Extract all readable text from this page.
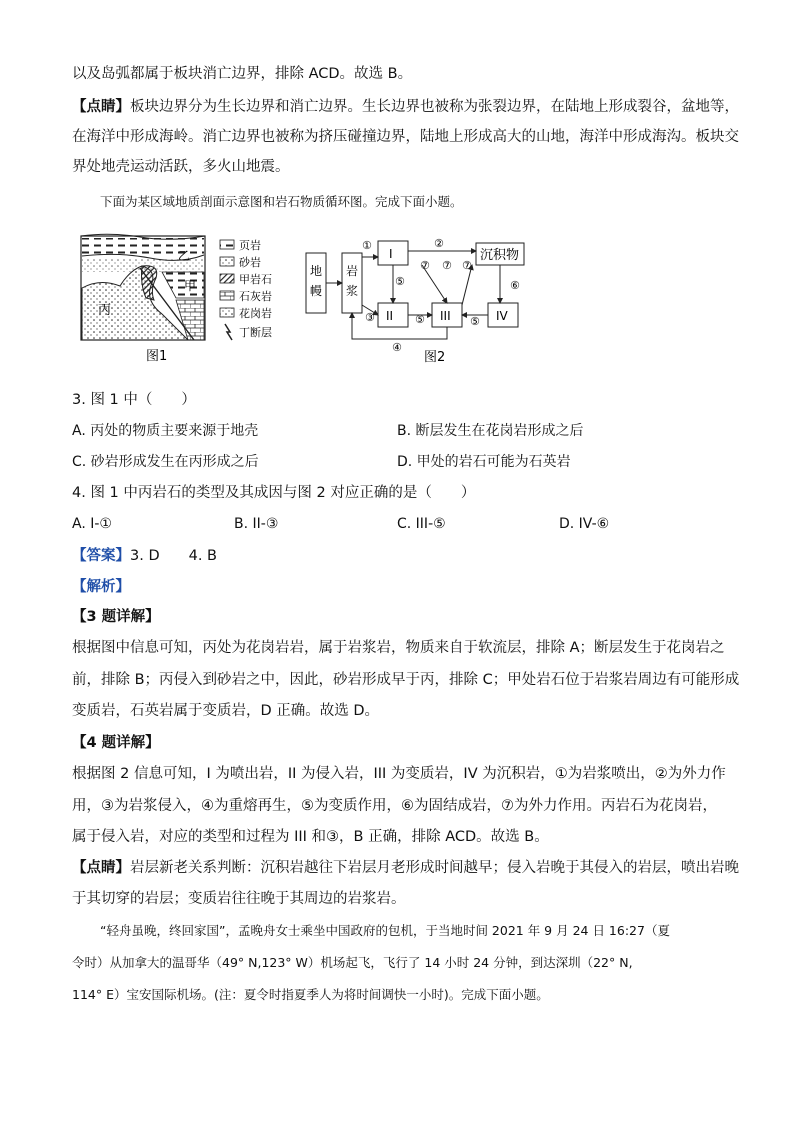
以及岛弧都属于板块消亡边界，排除 ACD。故选 B。
【点睛】板块边界分为生长边界和消亡边界。生长边界也被称为张裂边界，在陆地上形成裂谷，盆地等，
在海洋中形成海岭。消亡边界也被称为挤压碰撞边界，陆地上形成高大的山地，海洋中形成海沟。板块交
界处地壳运动活跃，多火山地震。
下面为某区域地质剖面示意图和岩石物质循环图。完成下面小题。
乙
甲
丙
页岩
砂岩
甲岩石
石灰岩
花岗岩
丁断层
图1
地
幔
岩
浆
I
II	III	IV
沉积物
①	②
③
④
⑤
⑤	⑤
⑥
⑦ ⑦ ⑦
图2
3. 图 1 中（　　）
A. 丙处的物质主要来源于地壳	B. 断层发生在花岗岩形成之后
C. 砂岩形成发生在丙形成之后	D. 甲处的岩石可能为石英岩
4. 图 1 中丙岩石的类型及其成因与图 2 对应正确的是（　　）
A. I-①	B. II-③	C. III-⑤	D. IV-⑥
【答案】3. D　　4. B
【解析】
【3 题详解】
根据图中信息可知，丙处为花岗岩岩，属于岩浆岩，物质来自于软流层，排除 A；断层发生于花岗岩之
前，排除 B；丙侵入到砂岩之中，因此，砂岩形成早于丙，排除 C；甲处岩石位于岩浆岩周边有可能形成
变质岩，石英岩属于变质岩，D 正确。故选 D。
【4 题详解】
根据图 2 信息可知，I 为喷出岩，II 为侵入岩，III 为变质岩，IV 为沉积岩，①为岩浆喷出，②为外力作
用，③为岩浆侵入，④为重熔再生，⑤为变质作用，⑥为固结成岩，⑦为外力作用。丙岩石为花岗岩，
属于侵入岩，对应的类型和过程为 III 和③，B 正确，排除 ACD。故选 B。
【点睛】岩层新老关系判断：沉积岩越往下岩层月老形成时间越早；侵入岩晚于其侵入的岩层，喷出岩晚
于其切穿的岩层；变质岩往往晚于其周边的岩浆岩。
“轻舟虽晚，终回家国”，孟晚舟女士乘坐中国政府的包机，于当地时间 2021 年 9 月 24 日 16:27（夏
令时）从加拿大的温哥华（49° N,123° W）机场起飞，飞行了 14 小时 24 分钟，到达深圳（22° N,
114° E）宝安国际机场。(注：夏令时指夏季人为将时间调快一小时)。完成下面小题。
